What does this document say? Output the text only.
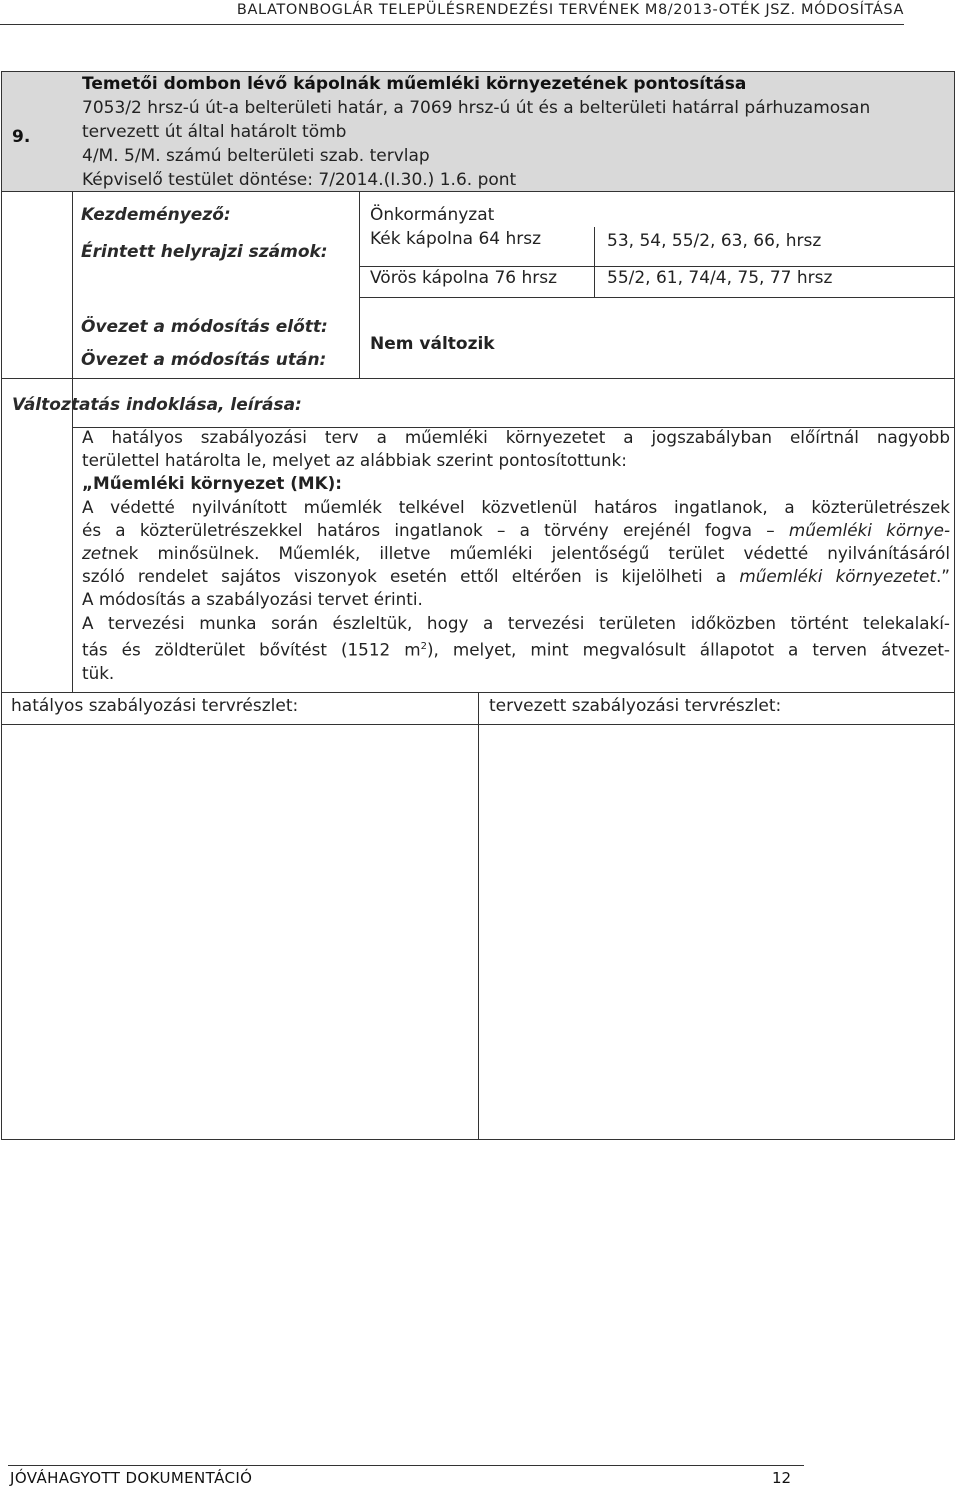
BALATONBOGLÁR TELEPÜLÉSRENDEZÉSI TERVÉNEK M8/2013-OTÉK JSZ. MÓDOSÍTÁSA
9.
Temetői dombon lévő kápolnák műemléki környezetének pontosítása
7053/2 hrsz-ú út-a belterületi határ, a 7069 hrsz-ú út és a belterületi határral párhuzamosan
tervezett út által határolt tömb
4/M. 5/M. számú belterületi szab. tervlap
Képviselő testület döntése: 7/2014.(I.30.) 1.6. pont
Kezdeményező:	Önkormányzat
Érintett helyrajzi számok:
Kék kápolna 64 hrsz	53, 54, 55/2, 63, 66, hrsz
Vörös kápolna 76 hrsz	55/2, 61, 74/4, 75, 77 hrsz
Övezet a módosítás előtt:
Övezet a módosítás után:
Nem változik
Változtatás indoklása, leírása:

A hatályos szabályozási terv a műemléki környezetet a jogszabályban előírtnál nagyobb

területtel határolta le, melyet az alábbiak szerint pontosítottunk:

„Műemléki környezet (MK):

A védetté nyilvánított műemlék telkével közvetlenül határos ingatlanok, a közterületrészek

és a közterületrészekkel határos ingatlanok – a törvény erejénél fogva – műemléki környe-

zetnek minősülnek. Műemlék, illetve műemléki jelentőségű terület védetté nyilvánításáról

szóló rendelet sajátos viszonyok esetén ettől eltérően is kijelölheti a műemléki környezetet.”

A módosítás a szabályozási tervet érinti.

A tervezési munka során észleltük, hogy a tervezési területen időközben történt telekalakí-

tás és zöldterület bővítést (1512 $m^2$), melyet, mint megvalósult állapotot a terven átvezet-

tük.

hatályos szabályozási tervrészlet:	tervezett szabályozási tervrészlet:
JÓVÁHAGYOTT DOKUMENTÁCIÓ	12
